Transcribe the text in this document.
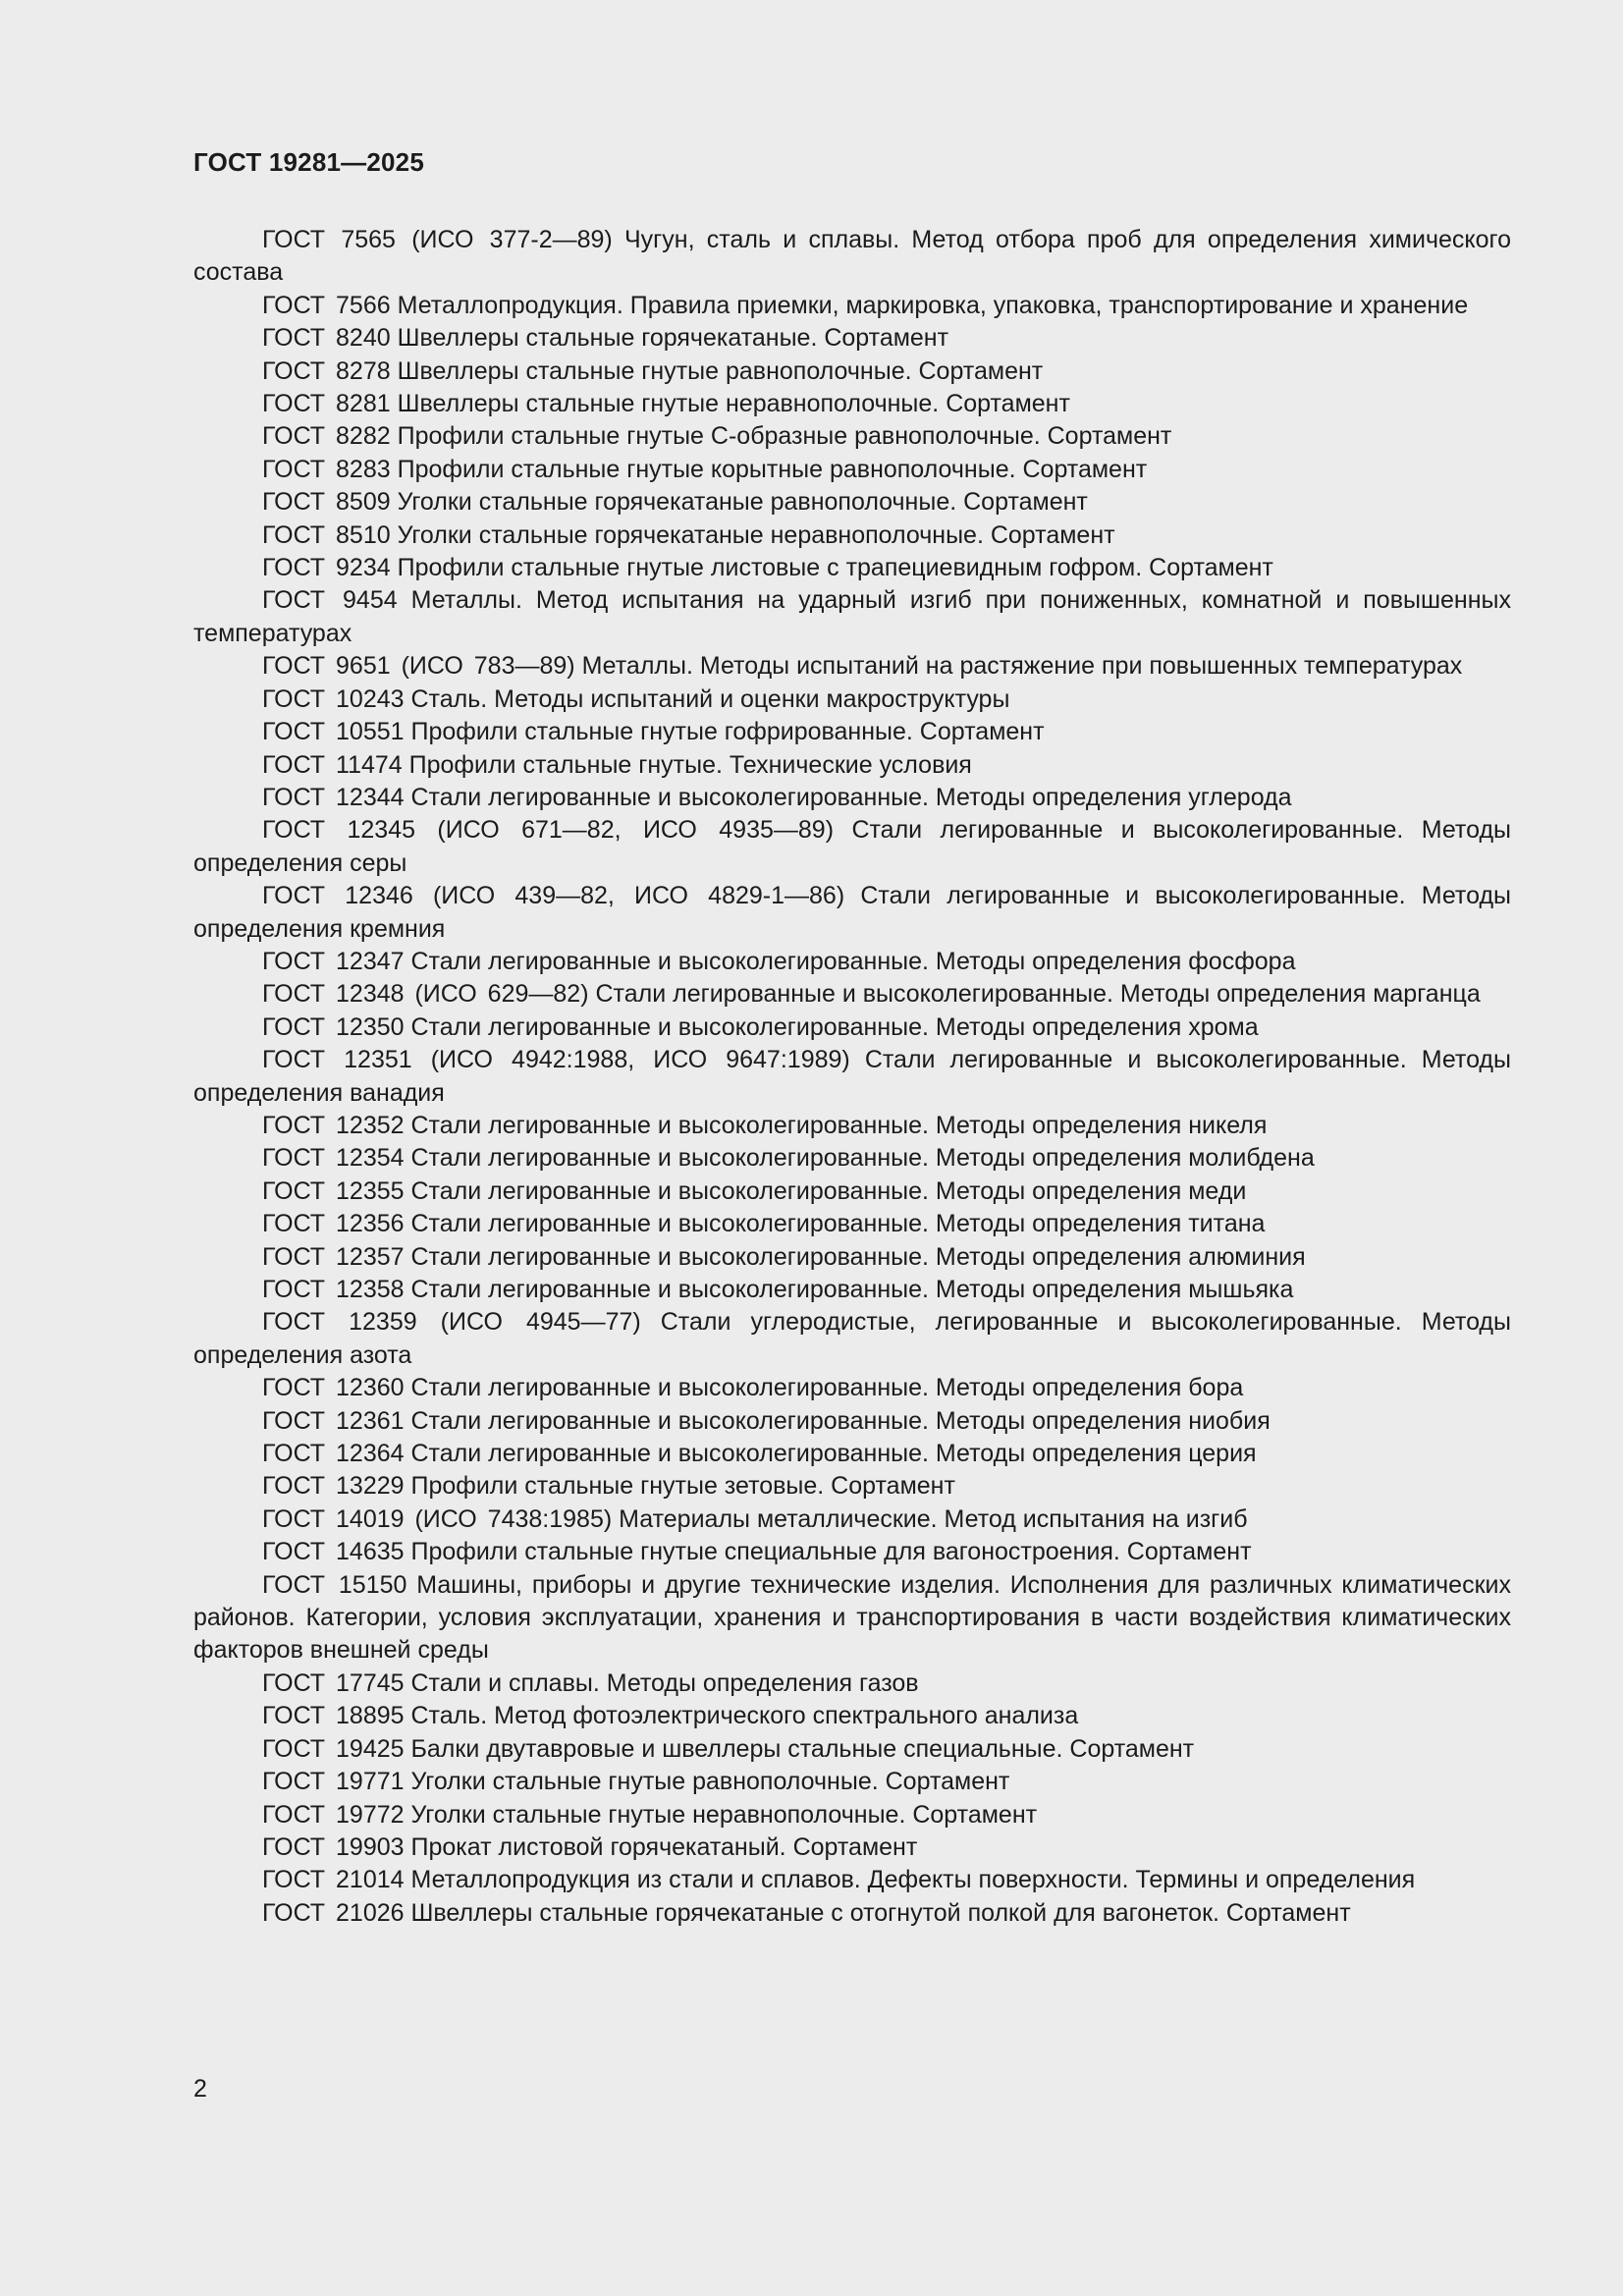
ГОСТ 19281—2025
ГОСТ 7565 (ИСО 377-2—89) Чугун, сталь и сплавы. Метод отбора проб для определения химического состава
ГОСТ 7566 Металлопродукция. Правила приемки, маркировка, упаковка, транспортирование и хранение
ГОСТ 8240 Швеллеры стальные горячекатаные. Сортамент
ГОСТ 8278 Швеллеры стальные гнутые равнополочные. Сортамент
ГОСТ 8281 Швеллеры стальные гнутые неравнополочные. Сортамент
ГОСТ 8282 Профили стальные гнутые С-образные равнополочные. Сортамент
ГОСТ 8283 Профили стальные гнутые корытные равнополочные. Сортамент
ГОСТ 8509 Уголки стальные горячекатаные равнополочные. Сортамент
ГОСТ 8510 Уголки стальные горячекатаные неравнополочные. Сортамент
ГОСТ 9234 Профили стальные гнутые листовые с трапециевидным гофром. Сортамент
ГОСТ 9454 Металлы. Метод испытания на ударный изгиб при пониженных, комнатной и повышенных температурах
ГОСТ 9651 (ИСО 783—89) Металлы. Методы испытаний на растяжение при повышенных температурах
ГОСТ 10243 Сталь. Методы испытаний и оценки макроструктуры
ГОСТ 10551 Профили стальные гнутые гофрированные. Сортамент
ГОСТ 11474 Профили стальные гнутые. Технические условия
ГОСТ 12344 Стали легированные и высоколегированные. Методы определения углерода
ГОСТ 12345 (ИСО 671—82, ИСО 4935—89) Стали легированные и высоколегированные. Методы определения серы
ГОСТ 12346 (ИСО 439—82, ИСО 4829-1—86) Стали легированные и высоколегированные. Методы определения кремния
ГОСТ 12347 Стали легированные и высоколегированные. Методы определения фосфора
ГОСТ 12348 (ИСО 629—82) Стали легированные и высоколегированные. Методы определения марганца
ГОСТ 12350 Стали легированные и высоколегированные. Методы определения хрома
ГОСТ 12351 (ИСО 4942:1988, ИСО 9647:1989) Стали легированные и высоколегированные. Методы определения ванадия
ГОСТ 12352 Стали легированные и высоколегированные. Методы определения никеля
ГОСТ 12354 Стали легированные и высоколегированные. Методы определения молибдена
ГОСТ 12355 Стали легированные и высоколегированные. Методы определения меди
ГОСТ 12356 Стали легированные и высоколегированные. Методы определения титана
ГОСТ 12357 Стали легированные и высоколегированные. Методы определения алюминия
ГОСТ 12358 Стали легированные и высоколегированные. Методы определения мышьяка
ГОСТ 12359 (ИСО 4945—77) Стали углеродистые, легированные и высоколегированные. Методы определения азота
ГОСТ 12360 Стали легированные и высоколегированные. Методы определения бора
ГОСТ 12361 Стали легированные и высоколегированные. Методы определения ниобия
ГОСТ 12364 Стали легированные и высоколегированные. Методы определения церия
ГОСТ 13229 Профили стальные гнутые зетовые. Сортамент
ГОСТ 14019 (ИСО 7438:1985) Материалы металлические. Метод испытания на изгиб
ГОСТ 14635 Профили стальные гнутые специальные для вагоностроения. Сортамент
ГОСТ 15150 Машины, приборы и другие технические изделия. Исполнения для различных климатических районов. Категории, условия эксплуатации, хранения и транспортирования в части воздействия климатических факторов внешней среды
ГОСТ 17745 Стали и сплавы. Методы определения газов
ГОСТ 18895 Сталь. Метод фотоэлектрического спектрального анализа
ГОСТ 19425 Балки двутавровые и швеллеры стальные специальные. Сортамент
ГОСТ 19771 Уголки стальные гнутые равнополочные. Сортамент
ГОСТ 19772 Уголки стальные гнутые неравнополочные. Сортамент
ГОСТ 19903 Прокат листовой горячекатаный. Сортамент
ГОСТ 21014 Металлопродукция из стали и сплавов. Дефекты поверхности. Термины и определения
ГОСТ 21026 Швеллеры стальные горячекатаные с отогнутой полкой для вагонеток. Сортамент

2
